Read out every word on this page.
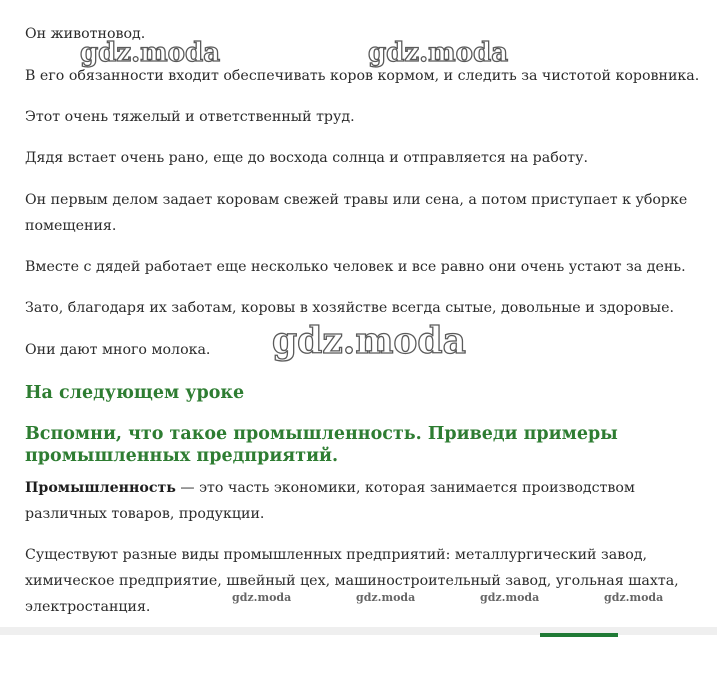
Он животновод.

В его обязанности входит обеспечивать коров кормом, и следить за чистотой коровника.

Этот очень тяжелый и ответственный труд.

Дядя встает очень рано, еще до восхода солнца и отправляется на работу.

Он первым делом задает коровам свежей травы или сена, а потом приступает к уборке

помещения.

Вместе с дядей работает еще несколько человек и все равно они очень устают за день.

Зато, благодаря их заботам, коровы в хозяйстве всегда сытые, довольные и здоровые.

Они дают много молока.

На следующем уроке
Вспомни, что такое промышленность. Приведи примеры
промышленных предприятий.

Промышленность — это часть экономики, которая занимается производством

различных товаров, продукции.

Существуют разные виды промышленных предприятий: металлургический завод,

химическое предприятие, швейный цех, машиностроительный завод, угольная шахта,

электростанция.

gdz.moda	gdz.moda
gdz.moda
gdz.moda	gdz.moda	gdz.moda	gdz.moda
